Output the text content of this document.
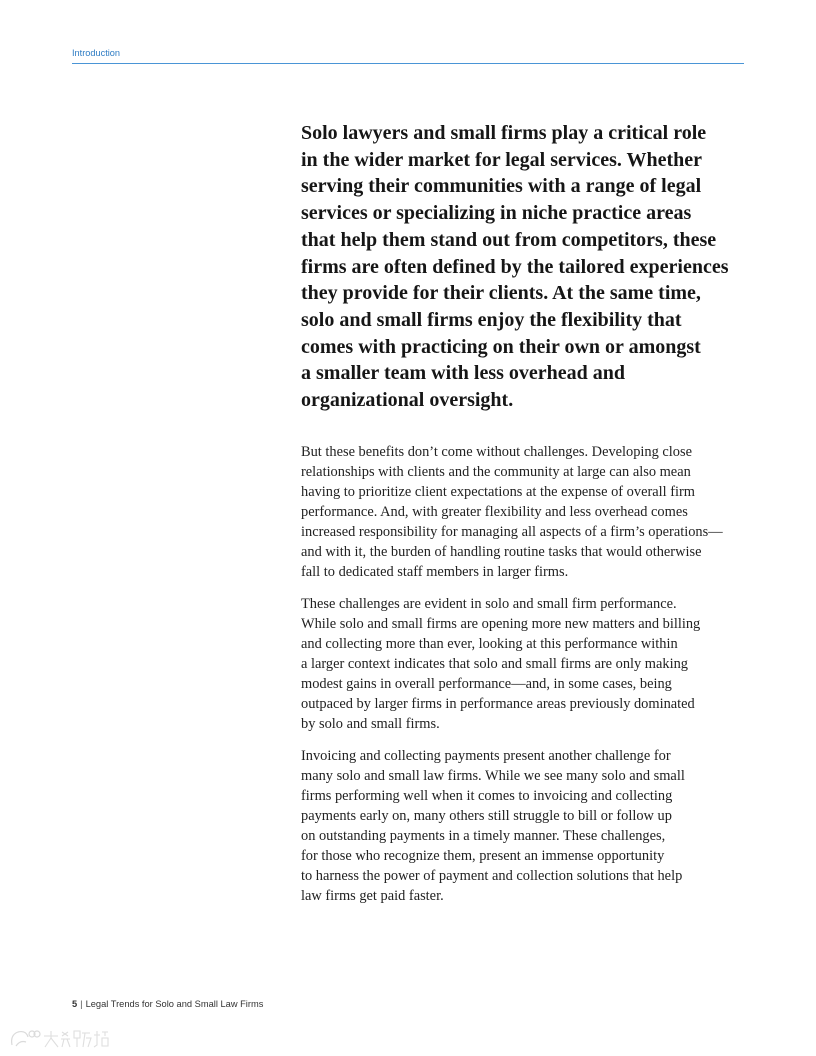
Introduction
Solo lawyers and small firms play a critical role
in the wider market for legal services. Whether
serving their communities with a range of legal
services or specializing in niche practice areas
that help them stand out from competitors, these
firms are often defined by the tailored experiences
they provide for their clients. At the same time,
solo and small firms enjoy the flexibility that
comes with practicing on their own or amongst
a smaller team with less overhead and
organizational oversight.
But these benefits don’t come without challenges. Developing close
relationships with clients and the community at large can also mean
having to prioritize client expectations at the expense of overall firm
performance. And, with greater flexibility and less overhead comes
increased responsibility for managing all aspects of a firm’s operations—
and with it, the burden of handling routine tasks that would otherwise
fall to dedicated staff members in larger firms.
These challenges are evident in solo and small firm performance.
While solo and small firms are opening more new matters and billing
and collecting more than ever, looking at this performance within
a larger context indicates that solo and small firms are only making
modest gains in overall performance—and, in some cases, being
outpaced by larger firms in performance areas previously dominated
by solo and small firms.
Invoicing and collecting payments present another challenge for
many solo and small law firms. While we see many solo and small
firms performing well when it comes to invoicing and collecting
payments early on, many others still struggle to bill or follow up
on outstanding payments in a timely manner. These challenges,
for those who recognize them, present an immense opportunity
to harness the power of payment and collection solutions that help
law firms get paid faster.
5 | Legal Trends for Solo and Small Law Firms
